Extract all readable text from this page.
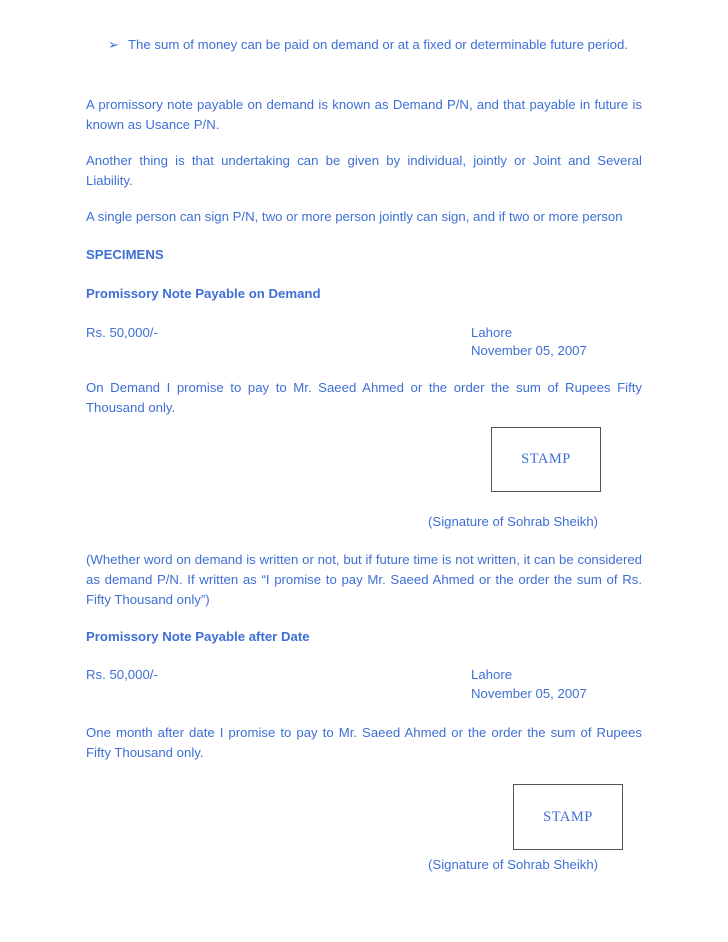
➢ The sum of money can be paid on demand or at a fixed or determinable future period.
A promissory note payable on demand is known as Demand P/N, and that payable in future is known as Usance P/N.
Another thing is that undertaking can be given by individual, jointly or Joint and Several Liability.
A single person can sign P/N, two or more person jointly can sign, and if two or more person
SPECIMENS
Promissory Note Payable on Demand
Rs. 50,000/-	Lahore
November 05, 2007
On Demand I promise to pay to Mr. Saeed Ahmed or the order the sum of Rupees Fifty Thousand only.
STAMP
(Signature of Sohrab Sheikh)
(Whether word on demand is written or not, but if future time is not written, it can be considered as demand P/N. If written as “I promise to pay Mr. Saeed Ahmed or the order the sum of Rs. Fifty Thousand only”)
Promissory Note Payable after Date
Rs. 50,000/-	Lahore
November 05, 2007
One month after date I promise to pay to Mr. Saeed Ahmed or the order the sum of Rupees Fifty Thousand only.
STAMP
(Signature of Sohrab Sheikh)
